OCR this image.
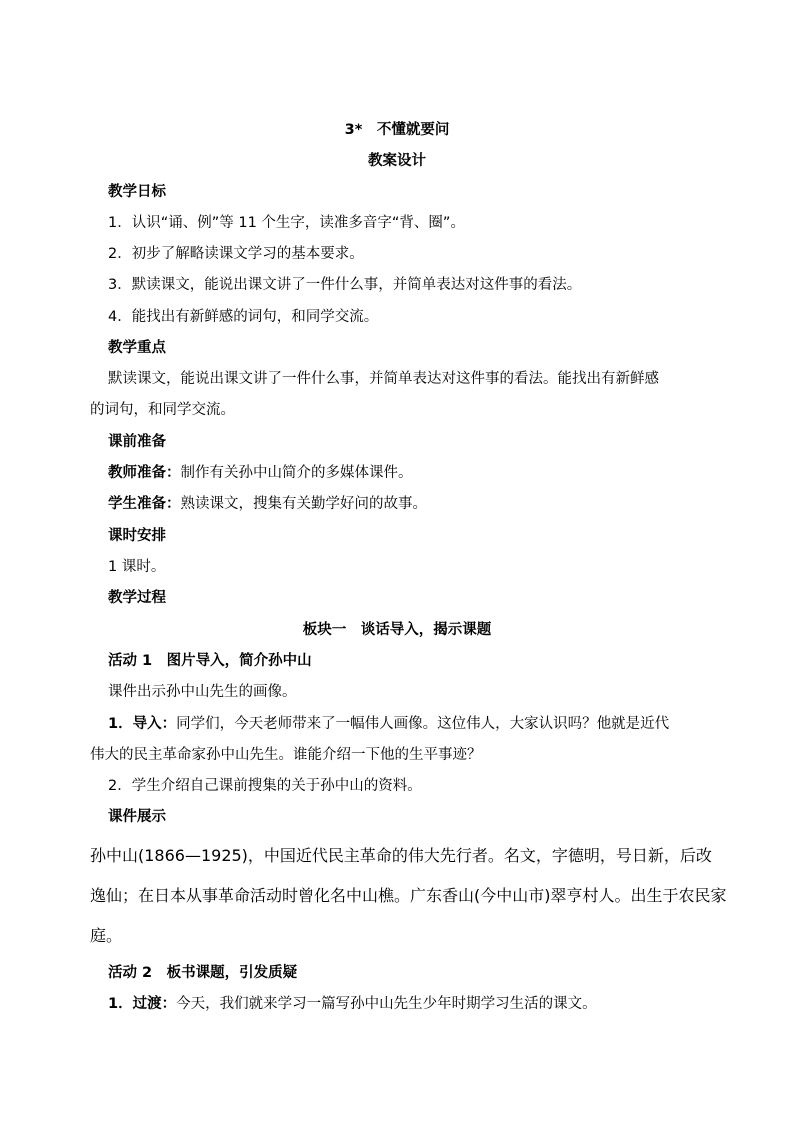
3*　不懂就要问
教案设计
教学日标
1．认识“诵、例”等 11 个生字，读准多音字“背、圈”。
2．初步了解略读课文学习的基本要求。
3．默读课文，能说出课文讲了一件什么事，并简单表达对这件事的看法。
4．能找出有新鲜感的词句，和同学交流。
教学重点
默读课文，能说出课文讲了一件什么事，并简单表达对这件事的看法。能找出有新鲜感
的词句，和同学交流。
课前准备
教师准备：制作有关孙中山简介的多媒体课件。
学生准备：熟读课文，搜集有关勤学好问的故事。
课时安排
1 课时。
教学过程
板块一　谈话导入，揭示课题
活动 1　图片导入，简介孙中山
课件出示孙中山先生的画像。
1．导入：同学们，今天老师带来了一幅伟人画像。这位伟人，大家认识吗？他就是近代
伟大的民主革命家孙中山先生。谁能介绍一下他的生平事迹？
2．学生介绍自己课前搜集的关于孙中山的资料。
课件展示
孙中山(1866—1925)，中国近代民主革命的伟大先行者。名文，字德明，号日新，后改
逸仙；在日本从事革命活动时曾化名中山樵。广东香山(今中山市)翠亨村人。出生于农民家
庭。
活动 2　板书课题，引发质疑
1．过渡：今天，我们就来学习一篇写孙中山先生少年时期学习生活的课文。
